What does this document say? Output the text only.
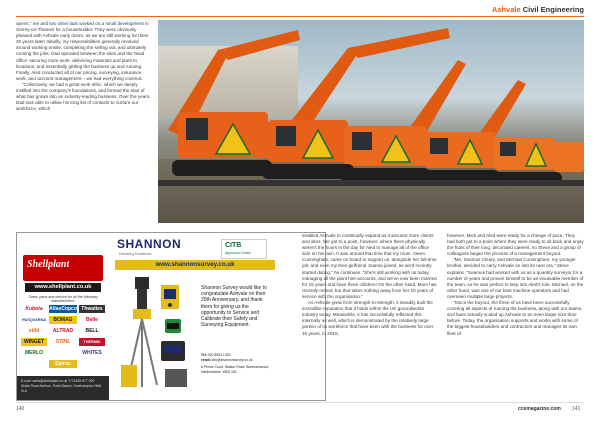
Ashvale Civil Engineering

opens," me and two other lads worked on a small development in Surrey-on-Thames for a housebuilder. They were obviously pleased with Ashvale early doors, as we are still working for them 20 years later! Initially, my responsibilities generally revolved around working onsite, completing the selling out, and ultimately running the jobs. Dad operated between the sites and the head office: securing more work, delivering materials and plant to locations, and essentially getting the business up and running. Finally, Aled conducted all of our pricing, surveying, insurance work, and account management – we had everything covered.

"Collectively, we had a great work ethic, which we deeply instilled into the company's foundations, and formed the start of what has grown into an industry-leading business. Over the years, Dad was able to utilise his long list of contacts to nurture our workforce, which

Shellplant
www.shellplant.co.uk
Sales, parts and service for all the following manufacturers:
Kubota	AtlasCopco Thwaites
HUSQVARNA	BOMAG	Belle
stihl	ALTRAD	BELL
WINGET	STIHL	THERMIX
MERLO	WHITES
Epiroc
E-mail: sales@shellplant.co.uk T: 01489 877 000
Stoke Road Avenue, Earls Barton, Southampton NN6 0LA
SHANNON
Delivering Excellence
CITB
Approved Centre
www.shannonsurvey.co.uk
Shannon Survey would like to congratulate Ashvale on their 20th Anniversary, and thank them for giving us the opportunity to Service and Calibrate their Safety and Surveying Equipment.
Tel: 020 8953 1333
email: info@shannonsurvey.co.uk
6 Penne Court, Station Road, Borehamwood, Hertfordshire, WD6 1SL

enabled Ashvale to continually expand as it secured more clients and sites. We got to a point, however, where there physically weren't the hours in the day for Aled to manage all of the office side on his own. It was around that time that my mum, Owen Cunningham, came on board to support us, alongside her full-time job; and even my then-girlfriend Joanna joined, as we'd recently started dating," he continues. "She's still working with us today, managing all the plant hire accounts, and we've now been married for 15 years and have three children! On the other hand, Mum has recently retired, but that takes nothing away from her 18 years of service with the organisation."

As Ashvale grew from strength-to-strength, it steadily built the incredible reputation that it holds within the UK groundworks industry today. Meanwhile, it has successfully reflected this internally as well, which is demonstrated by the relatively large portion of its workforce that have been with the business for over 15 years. In 2015,

however, Mick and Aled were ready for a change of pace. They had both got to a point where they were ready to sit back and enjoy the fruits of their long, decorated careers, so Steve and a group of colleagues began the process of a management buyout.

"Me, Seamus Cleary, and Michael Cunningham, my younger brother, decided to carry Ashvale on into its next era," Steve explains. "Seamus had worked with us as a quantity surveyor for a number of years and proven himself to be an invaluable member of the team, so he was perfect to step into Aled's role. Michael, on the other hand, was one of our best machine operators and had overseen multiple large projects.

"Since the buyout, the three of us have been successfully covering all aspects of running the business, along with our teams, and have actually scaled up Ashvale to an even larger size than before. Today, the organisation supports and works with some of the biggest housebuilders and contractors and manages its own fleet of

140	ccemagazine.com 141
